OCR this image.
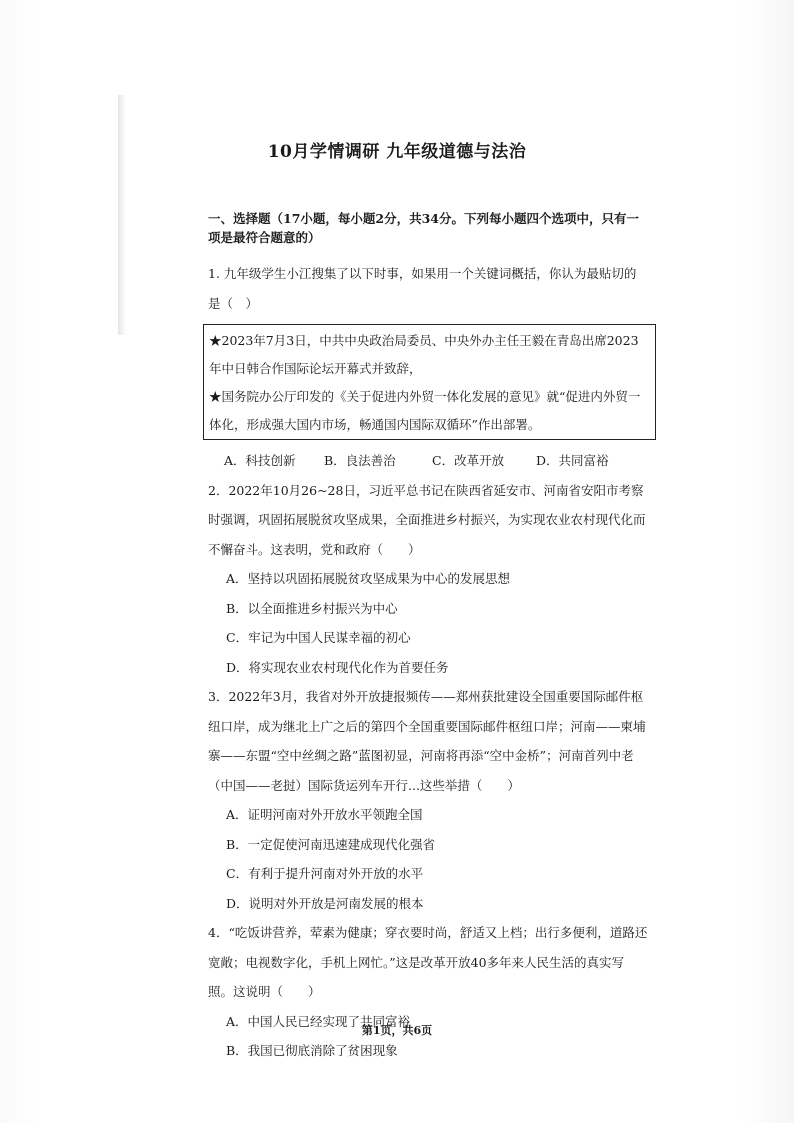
10月学情调研 九年级道德与法治
一、选择题（17小题，每小题2分，共34分。下列每小题四个选项中，只有一项是最符合题意的）

1. 九年级学生小江搜集了以下时事，如果用一个关键词概括，你认为最贴切的是（　）

★2023年7月3日，中共中央政治局委员、中央外办主任王毅在青岛出席2023年中日韩合作国际论坛开幕式并致辞，

★国务院办公厅印发的《关于促进内外贸一体化发展的意见》就“促进内外贸一体化，形成强大国内市场，畅通国内国际双循环”作出部署。

A．科技创新	B．良法善治	C．改革开放	D．共同富裕

2．2022年10月26~28日，习近平总书记在陕西省延安市、河南省安阳市考察时强调，巩固拓展脱贫攻坚成果，全面推进乡村振兴，为实现农业农村现代化而不懈奋斗。这表明，党和政府（　　）

A．坚持以巩固拓展脱贫攻坚成果为中心的发展思想

B．以全面推进乡村振兴为中心

C．牢记为中国人民谋幸福的初心

D．将实现农业农村现代化作为首要任务

3．2022年3月，我省对外开放捷报频传——郑州获批建设全国重要国际邮件枢纽口岸，成为继北上广之后的第四个全国重要国际邮件枢纽口岸；河南——柬埔寨——东盟“空中丝绸之路”蓝图初显，河南将再添“空中金桥”；河南首列中老（中国——老挝）国际货运列车开行...这些举措（　　）

A．证明河南对外开放水平领跑全国

B．一定促使河南迅速建成现代化强省

C．有利于提升河南对外开放的水平

D．说明对外开放是河南发展的根本

4．“吃饭讲营养，荤素为健康；穿衣要时尚，舒适又上档；出行多便利，道路还宽敞；电视数字化，手机上网忙。”这是改革开放40多年来人民生活的真实写照。这说明（　　）

A．中国人民已经实现了共同富裕

B．我国已彻底消除了贫困现象

第1页，共6页
